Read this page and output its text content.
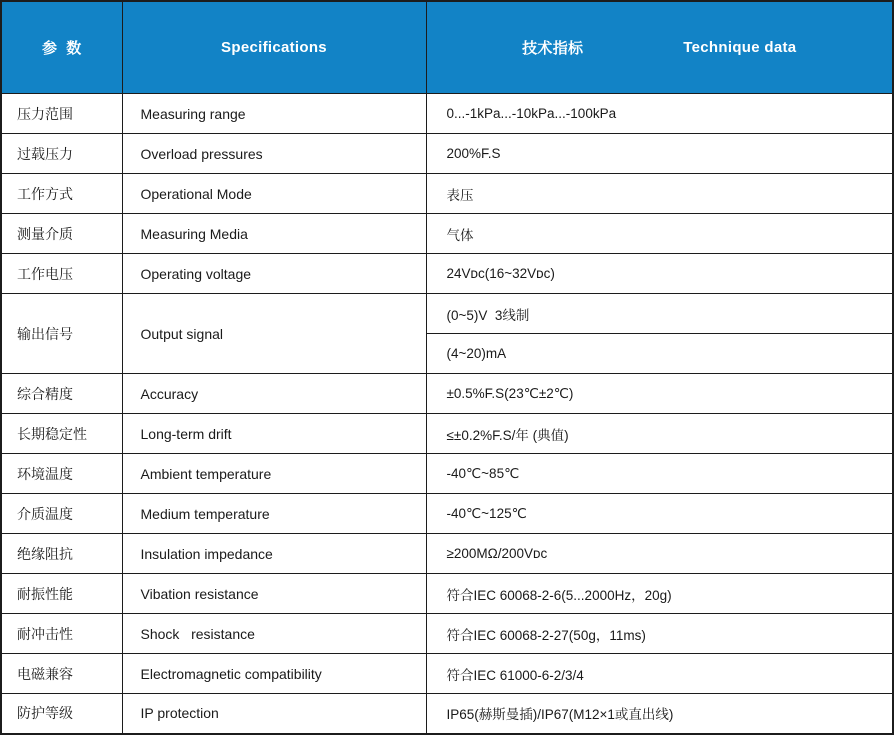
参  数	Specifications	技术指标 Technique data

压力范围	Measuring range	0...-1kPa...-10kPa...-100kPa
过载压力	Overload pressures	200%F.S
工作方式	Operational Mode	表压
测量介质	Measuring Media	气体
工作电压	Operating voltage	24Vᴅᴄ(16~32Vᴅᴄ)
输出信号	Output signal	(0~5)V  3线制
		(4~20)mA
综合精度	Accuracy	±0.5%F.S(23℃±2℃)
长期稳定性	Long-term drift	≤±0.2%F.S/年 (典值)
环境温度	Ambient temperature	-40℃~85℃
介质温度	Medium temperature	-40℃~125℃
绝缘阻抗	Insulation impedance	≥200MΩ/200Vᴅᴄ
耐振性能	Vibation resistance	符合IEC 60068-2-6(5...2000Hz，20g)
耐冲击性	Shock   resistance	符合IEC 60068-2-27(50g，11ms)
电磁兼容	Electromagnetic compatibility	符合IEC 61000-6-2/3/4
防护等级	IP protection	IP65(赫斯曼插)/IP67(M12×1或直出线)
